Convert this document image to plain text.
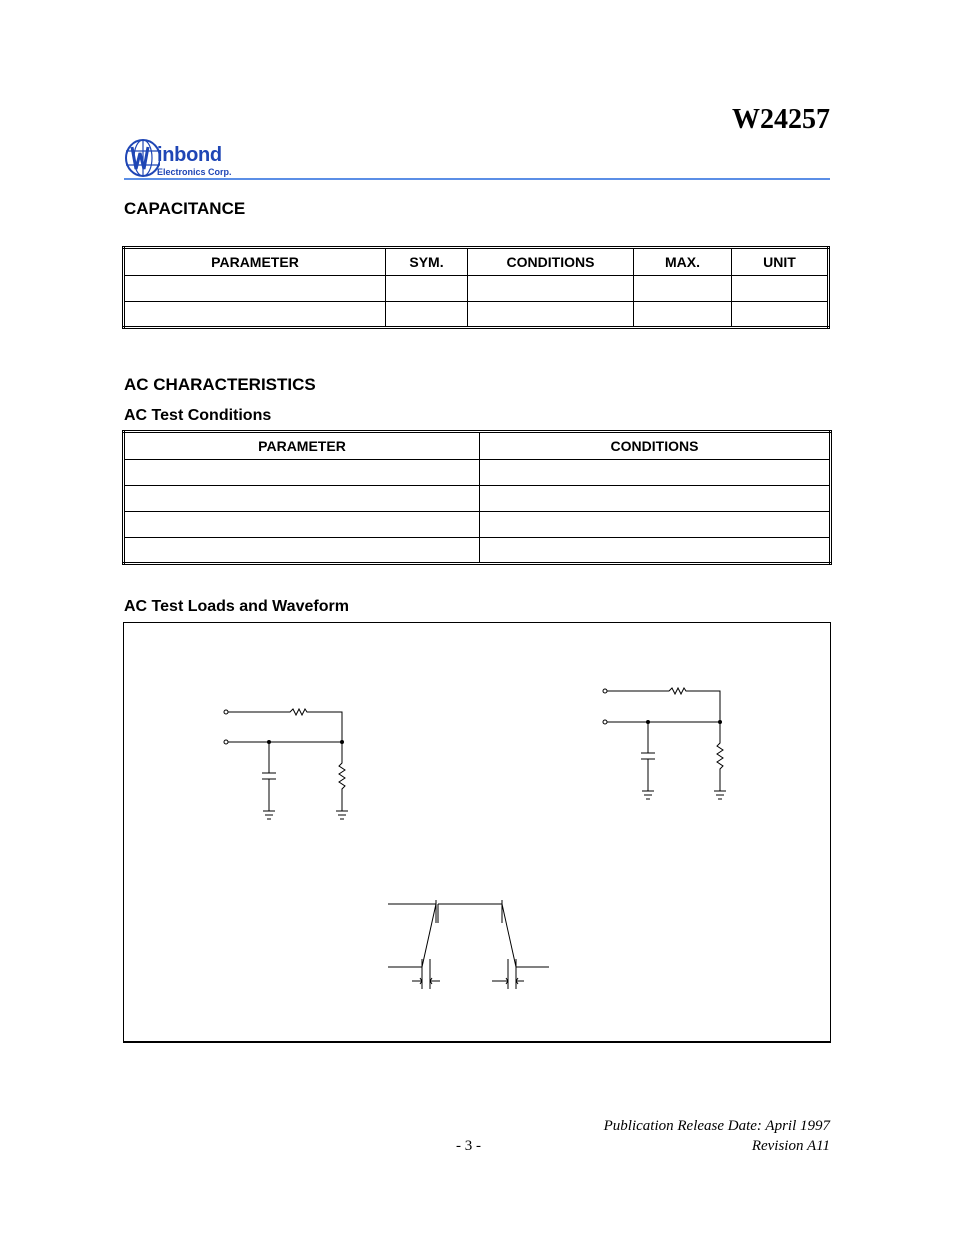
W24257
inbond
Electronics Corp.
CAPACITANCE
PARAMETER	SYM.	CONDITIONS	MAX.	UNIT

AC CHARACTERISTICS
AC Test Conditions
PARAMETER	CONDITIONS

AC Test Loads and Waveform
Publication Release Date: April 1997
- 3 -	Revision A11
